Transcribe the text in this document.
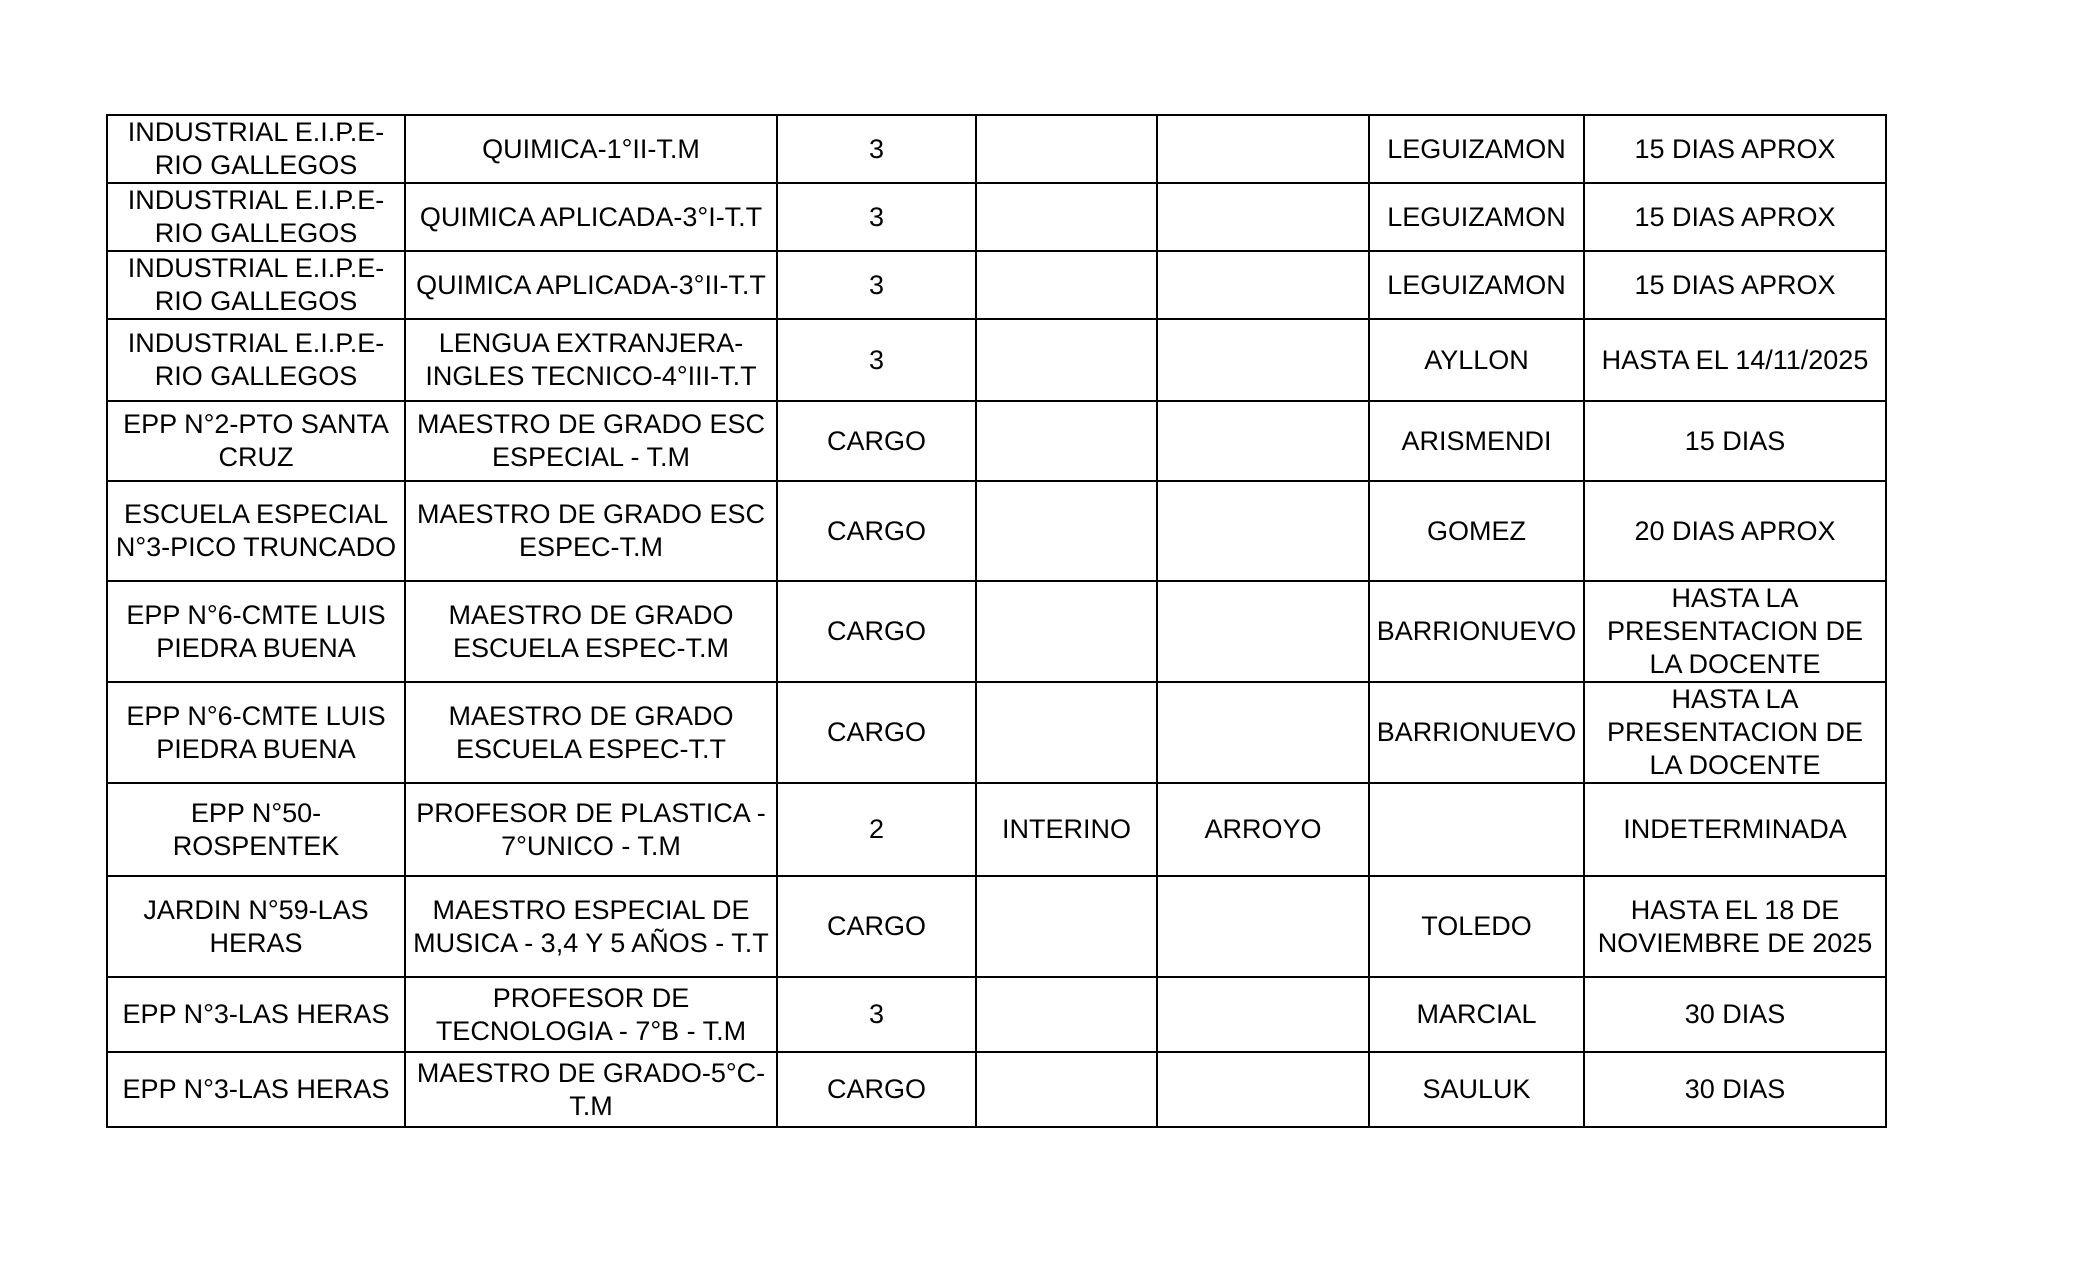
INDUSTRIAL E.I.P.E-RIO GALLEGOS	QUIMICA-1°II-T.M	3			LEGUIZAMON	15 DIAS APROX
INDUSTRIAL E.I.P.E-RIO GALLEGOS	QUIMICA APLICADA-3°I-T.T	3			LEGUIZAMON	15 DIAS APROX
INDUSTRIAL E.I.P.E-RIO GALLEGOS	QUIMICA APLICADA-3°II-T.T	3			LEGUIZAMON	15 DIAS APROX
INDUSTRIAL E.I.P.E-RIO GALLEGOS	LENGUA EXTRANJERA-INGLES TECNICO-4°III-T.T	3			AYLLON	HASTA EL 14/11/2025
EPP N°2-PTO SANTA CRUZ	MAESTRO DE GRADO ESC ESPECIAL - T.M	CARGO			ARISMENDI	15 DIAS
ESCUELA ESPECIAL N°3-PICO TRUNCADO	MAESTRO DE GRADO ESC ESPEC-T.M	CARGO			GOMEZ	20 DIAS APROX
EPP N°6-CMTE LUIS PIEDRA BUENA	MAESTRO DE GRADO ESCUELA ESPEC-T.M	CARGO			BARRIONUEVO	HASTA LA PRESENTACION DE LA DOCENTE
EPP N°6-CMTE LUIS PIEDRA BUENA	MAESTRO DE GRADO ESCUELA ESPEC-T.T	CARGO			BARRIONUEVO	HASTA LA PRESENTACION DE LA DOCENTE
EPP N°50-ROSPENTEK	PROFESOR DE PLASTICA - 7°UNICO - T.M	2	INTERINO	ARROYO		INDETERMINADA
JARDIN N°59-LAS HERAS	MAESTRO ESPECIAL DE MUSICA - 3,4 Y 5 AÑOS - T.T	CARGO			TOLEDO	HASTA EL 18 DE NOVIEMBRE DE 2025
EPP N°3-LAS HERAS	PROFESOR DE TECNOLOGIA - 7°B - T.M	3			MARCIAL	30 DIAS
EPP N°3-LAS HERAS	MAESTRO DE GRADO-5°C-T.M	CARGO			SAULUK	30 DIAS
